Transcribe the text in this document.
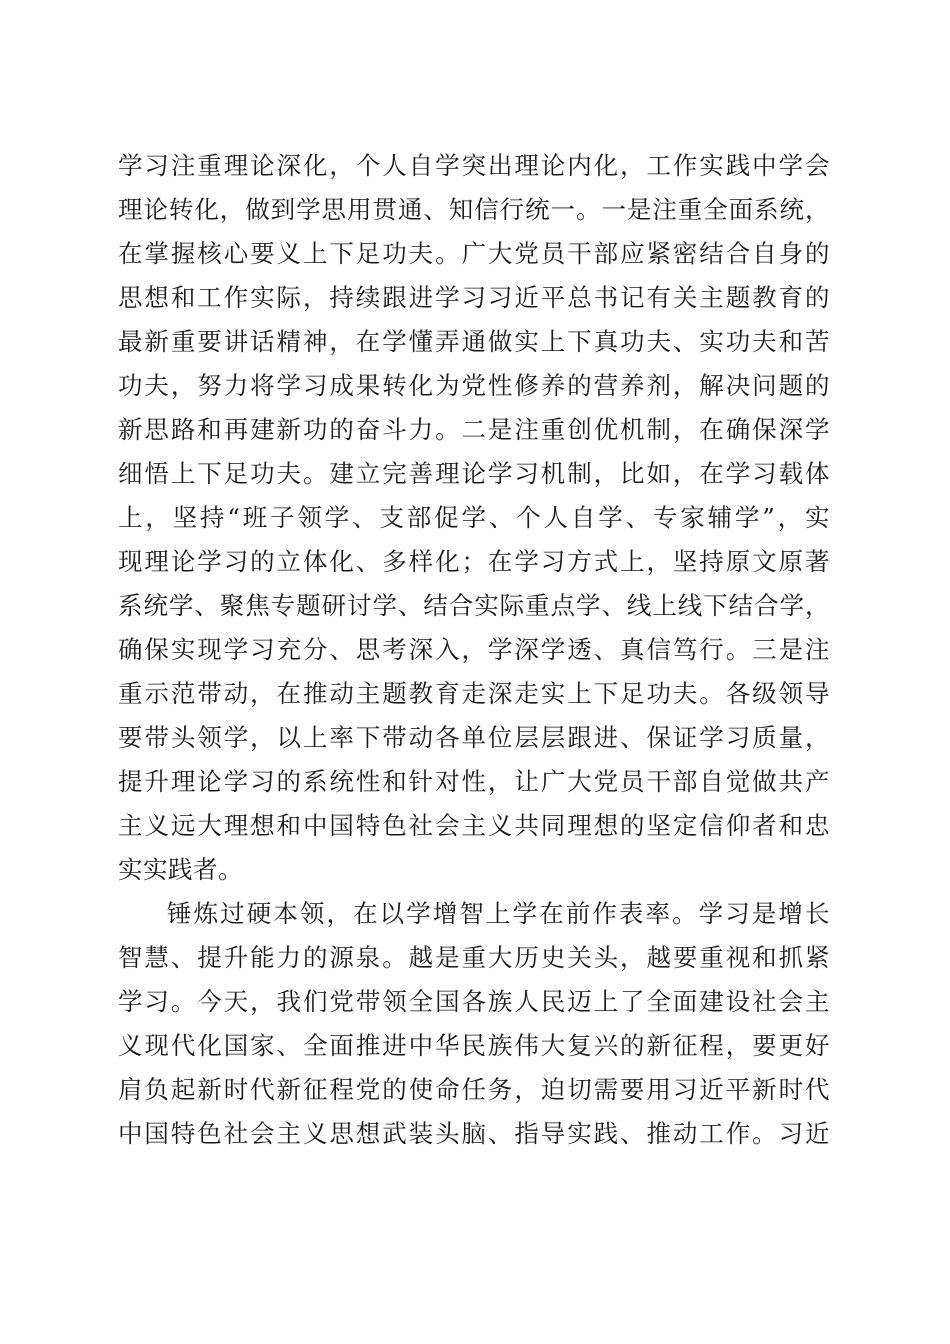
学习注重理论深化，个人自学突出理论内化，工作实践中学会
理论转化，做到学思用贯通、知信行统一。一是注重全面系统，
在掌握核心要义上下足功夫。广大党员干部应紧密结合自身的
思想和工作实际，持续跟进学习习近平总书记有关主题教育的
最新重要讲话精神，在学懂弄通做实上下真功夫、实功夫和苦
功夫，努力将学习成果转化为党性修养的营养剂，解决问题的
新思路和再建新功的奋斗力。二是注重创优机制，在确保深学
细悟上下足功夫。建立完善理论学习机制，比如，在学习载体
上，坚持“班子领学、支部促学、个人自学、专家辅学”，实
现理论学习的立体化、多样化；在学习方式上，坚持原文原著
系统学、聚焦专题研讨学、结合实际重点学、线上线下结合学，
确保实现学习充分、思考深入，学深学透、真信笃行。三是注
重示范带动，在推动主题教育走深走实上下足功夫。各级领导
要带头领学，以上率下带动各单位层层跟进、保证学习质量，
提升理论学习的系统性和针对性，让广大党员干部自觉做共产
主义远大理想和中国特色社会主义共同理想的坚定信仰者和忠
实实践者。
锤炼过硬本领，在以学增智上学在前作表率。学习是增长
智慧、提升能力的源泉。越是重大历史关头，越要重视和抓紧
学习。今天，我们党带领全国各族人民迈上了全面建设社会主
义现代化国家、全面推进中华民族伟大复兴的新征程，要更好
肩负起新时代新征程党的使命任务，迫切需要用习近平新时代
中国特色社会主义思想武装头脑、指导实践、推动工作。习近
